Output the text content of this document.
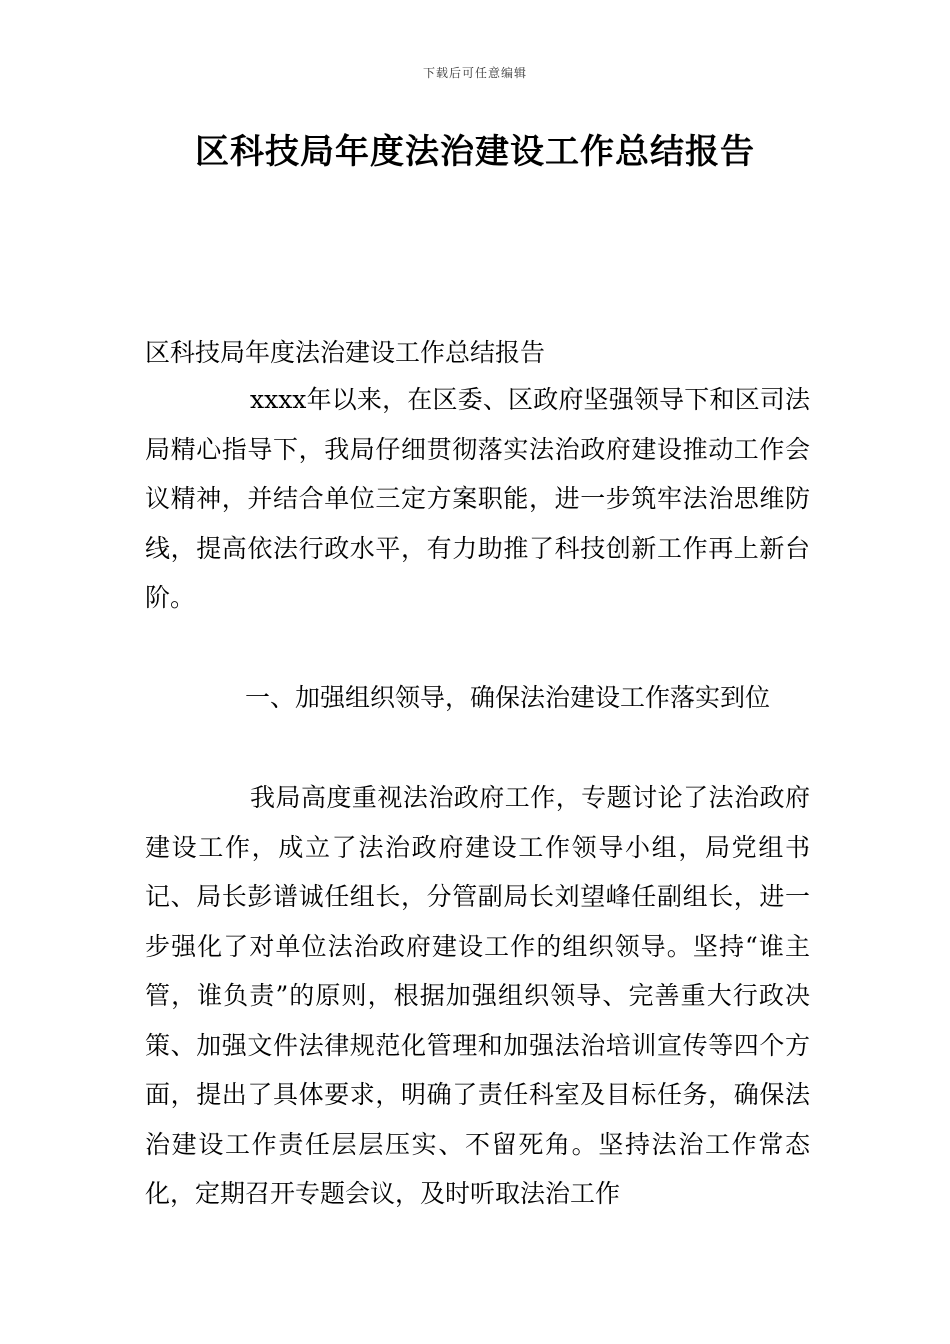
下载后可任意编辑
区科技局年度法治建设工作总结报告

区科技局年度法治建设工作总结报告

xxxx年以来，在区委、区政府坚强领导下和区司法局精心指导下，我局仔细贯彻落实法治政府建设推动工作会议精神，并结合单位三定方案职能，进一步筑牢法治思维防线，提高依法行政水平，有力助推了科技创新工作再上新台阶。

一、加强组织领导，确保法治建设工作落实到位

我局高度重视法治政府工作，专题讨论了法治政府建设工作，成立了法治政府建设工作领导小组，局党组书记、局长彭谱诚任组长，分管副局长刘望峰任副组长，进一步强化了对单位法治政府建设工作的组织领导。坚持“谁主管，谁负责”的原则，根据加强组织领导、完善重大行政决策、加强文件法律规范化管理和加强法治培训宣传等四个方面，提出了具体要求，明确了责任科室及目标任务，确保法治建设工作责任层层压实、不留死角。坚持法治工作常态化，定期召开专题会议，及时听取法治工作
